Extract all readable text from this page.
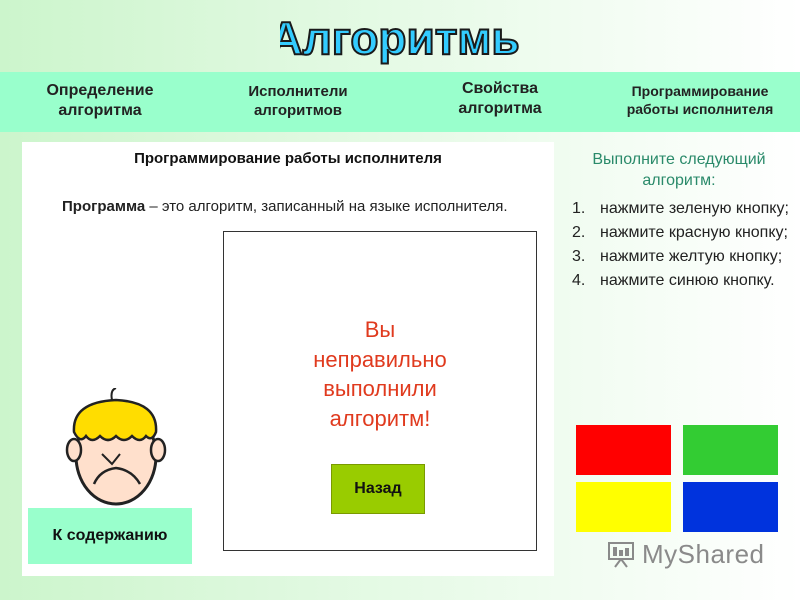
Алгоритмы
Определение
алгоритма
Исполнители
алгоритмов
Свойства
алгоритма
Программирование
работы исполнителя
Программирование работы исполнителя
Программа – это алгоритм, записанный на языке исполнителя.
К содержанию
Вы
неправильно
выполнили
алгоритм!
Назад
Выполните следующий
алгоритм:
1. нажмите зеленую кнопку;
2. нажмите красную кнопку;
3. нажмите желтую кнопку;
4. нажмите синюю кнопку.
MyShared
